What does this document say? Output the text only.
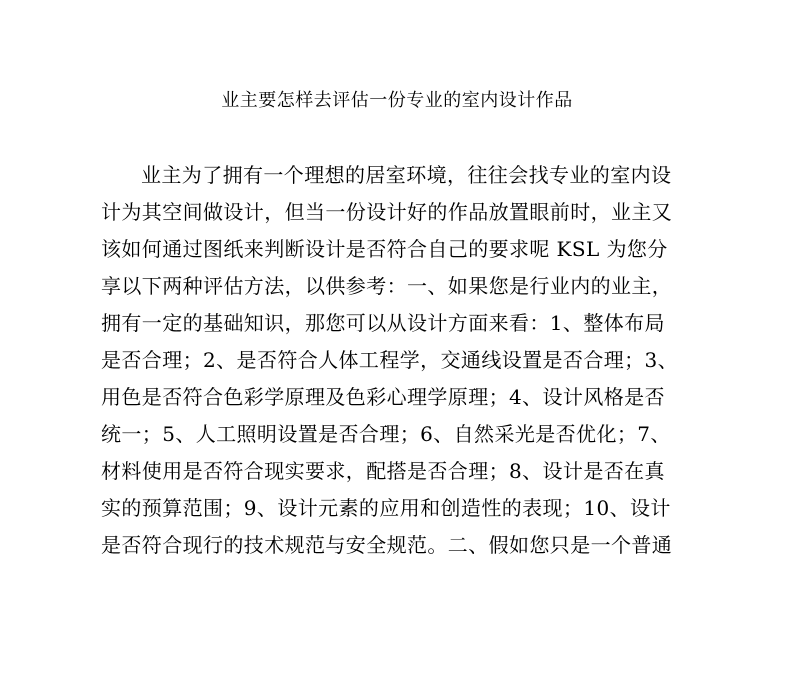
业主要怎样去评估一份专业的室内设计作品
业主为了拥有一个理想的居室环境，往往会找专业的室内设
计为其空间做设计，但当一份设计好的作品放置眼前时，业主又
该如何通过图纸来判断设计是否符合自己的要求呢 KSL 为您分
享以下两种评估方法，以供参考：一、如果您是行业内的业主，
拥有一定的基础知识，那您可以从设计方面来看：1、整体布局
是否合理；2、是否符合人体工程学，交通线设置是否合理；3、
用色是否符合色彩学原理及色彩心理学原理；4、设计风格是否
统一；5、人工照明设置是否合理；6、自然采光是否优化；7、
材料使用是否符合现实要求，配搭是否合理；8、设计是否在真
实的预算范围；9、设计元素的应用和创造性的表现；10、设计
是否符合现行的技术规范与安全规范。二、假如您只是一个普通
